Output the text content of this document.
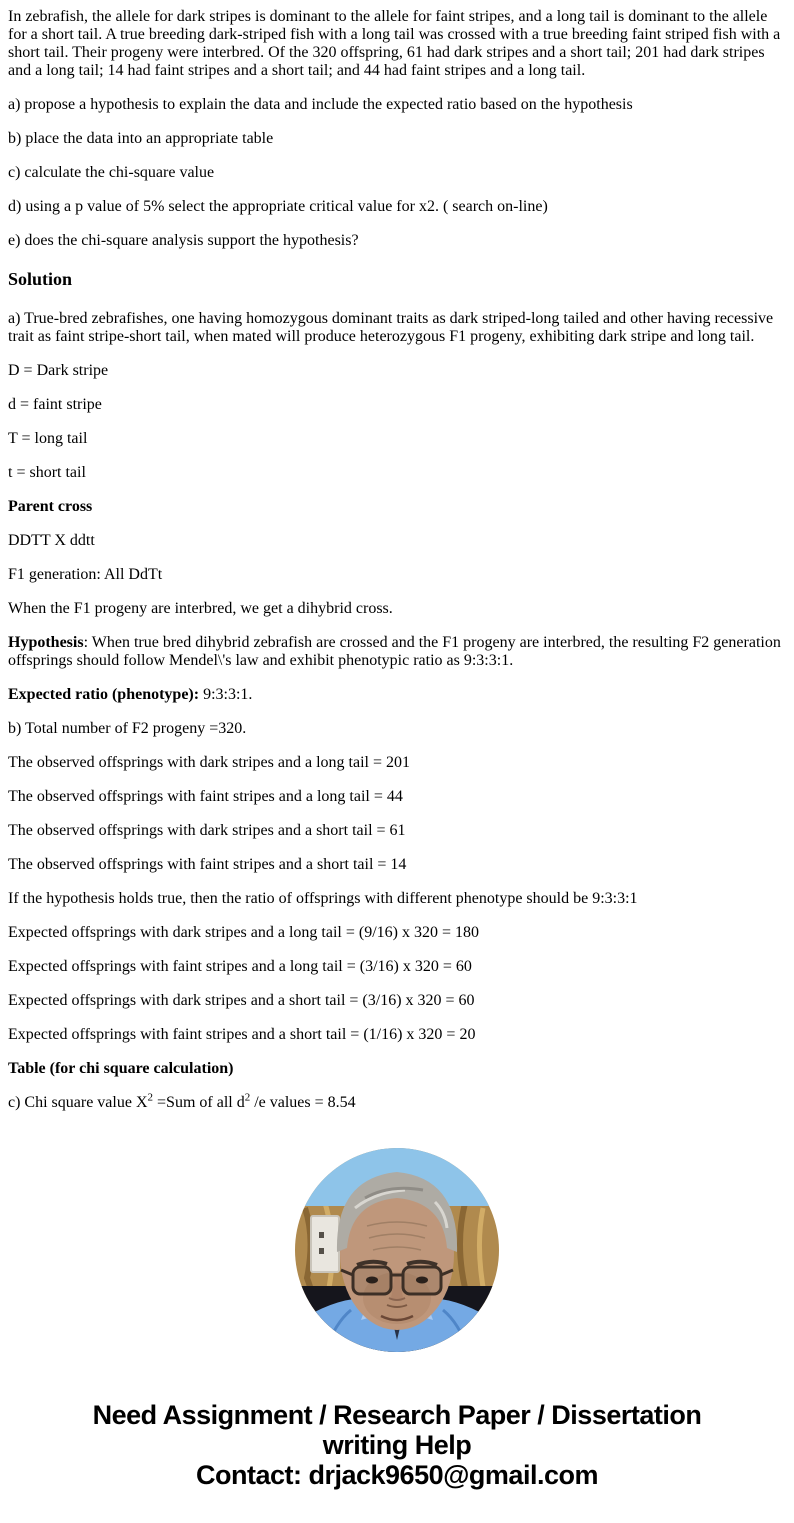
In zebrafish, the allele for dark stripes is dominant to the allele for faint stripes, and a long tail is dominant to the allele for a short tail. A true breeding dark-striped fish with a long tail was crossed with a true breeding faint striped fish with a short tail. Their progeny were interbred. Of the 320 offspring, 61 had dark stripes and a short tail; 201 had dark stripes and a long tail; 14 had faint stripes and a short tail; and 44 had faint stripes and a long tail.

a) propose a hypothesis to explain the data and include the expected ratio based on the hypothesis

b) place the data into an appropriate table

c) calculate the chi-square value

d) using a p value of 5% select the appropriate critical value for x2. ( search on-line)

e) does the chi-square analysis support the hypothesis?

Solution

a) True-bred zebrafishes, one having homozygous dominant traits as dark striped-long tailed and other having recessive trait as faint stripe-short tail, when mated will produce heterozygous F1 progeny, exhibiting dark stripe and long tail.

D = Dark stripe

d = faint stripe

T = long tail

t = short tail

Parent cross

DDTT X ddtt

F1 generation: All DdTt

When the F1 progeny are interbred, we get a dihybrid cross.

Hypothesis: When true bred dihybrid zebrafish are crossed and the F1 progeny are interbred, the resulting F2 generation offsprings should follow Mendel\'s law and exhibit phenotypic ratio as 9:3:3:1.

Expected ratio (phenotype): 9:3:3:1.

b) Total number of F2 progeny =320.

The observed offsprings with dark stripes and a long tail = 201

The observed offsprings with faint stripes and a long tail = 44

The observed offsprings with dark stripes and a short tail = 61

The observed offsprings with faint stripes and a short tail = 14

If the hypothesis holds true, then the ratio of offsprings with different phenotype should be 9:3:3:1

Expected offsprings with dark stripes and a long tail = (9/16) x 320 = 180

Expected offsprings with faint stripes and a long tail = (3/16) x 320 = 60

Expected offsprings with dark stripes and a short tail = (3/16) x 320 = 60

Expected offsprings with faint stripes and a short tail = (1/16) x 320 = 20

Table (for chi square calculation)

c) Chi square value $X^2 =Sum$ of all $d^2$ /e values = 8.54

Need Assignment / Research Paper / Dissertation
writing Help
Contact: drjack9650@gmail.com
